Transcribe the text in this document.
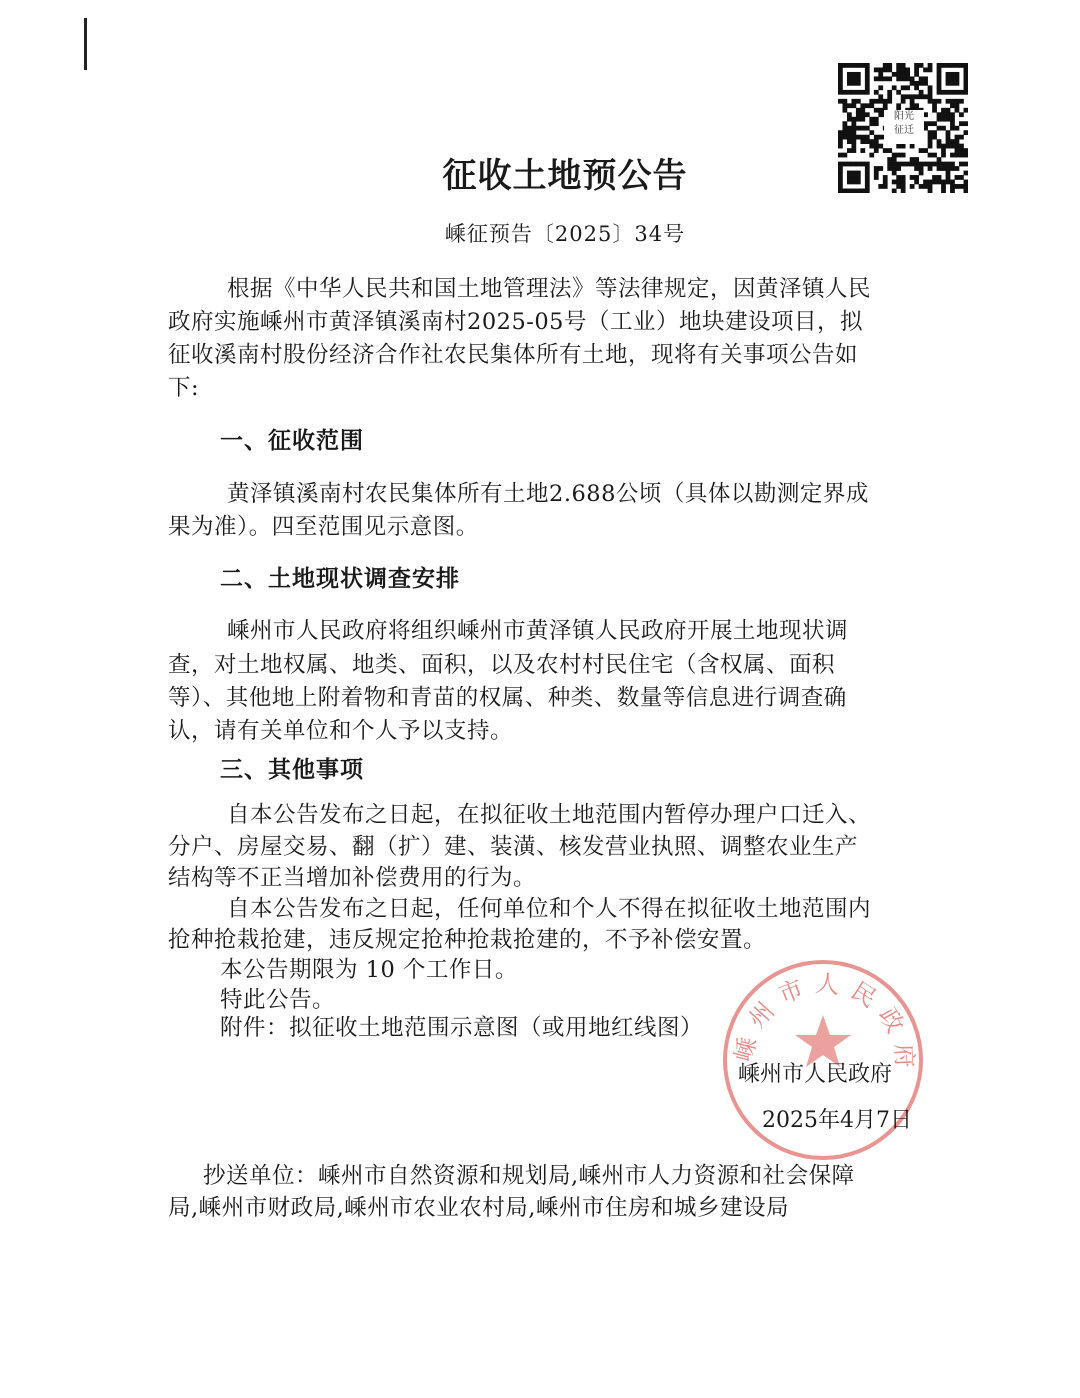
阳光
征迁
征收土地预公告
嵊征预告〔2025〕34号
根据《中华人民共和国土地管理法》等法律规定，因黄泽镇人民
政府实施嵊州市黄泽镇溪南村2025-05号（工业）地块建设项目，拟
征收溪南村股份经济合作社农民集体所有土地，现将有关事项公告如
下:
一、征收范围
黄泽镇溪南村农民集体所有土地2.688公顷（具体以勘测定界成
果为准）。四至范围见示意图。
二、土地现状调查安排
嵊州市人民政府将组织嵊州市黄泽镇人民政府开展土地现状调
查，对土地权属、地类、面积，以及农村村民住宅（含权属、面积
等）、其他地上附着物和青苗的权属、种类、数量等信息进行调查确
认，请有关单位和个人予以支持。
三、其他事项
自本公告发布之日起，在拟征收土地范围内暂停办理户口迁入、
分户、房屋交易、翻（扩）建、装潢、核发营业执照、调整农业生产
结构等不正当增加补偿费用的行为。
自本公告发布之日起，任何单位和个人不得在拟征收土地范围内
抢种抢栽抢建，违反规定抢种抢栽抢建的，不予补偿安置。
本公告期限为 10 个工作日。
特此公告。
附件：拟征收土地范围示意图（或用地红线图） 嵊州市人民政府
嵊州市人民政府
2025年4月7日
抄送单位：嵊州市自然资源和规划局,嵊州市人力资源和社会保障
局,嵊州市财政局,嵊州市农业农村局,嵊州市住房和城乡建设局
